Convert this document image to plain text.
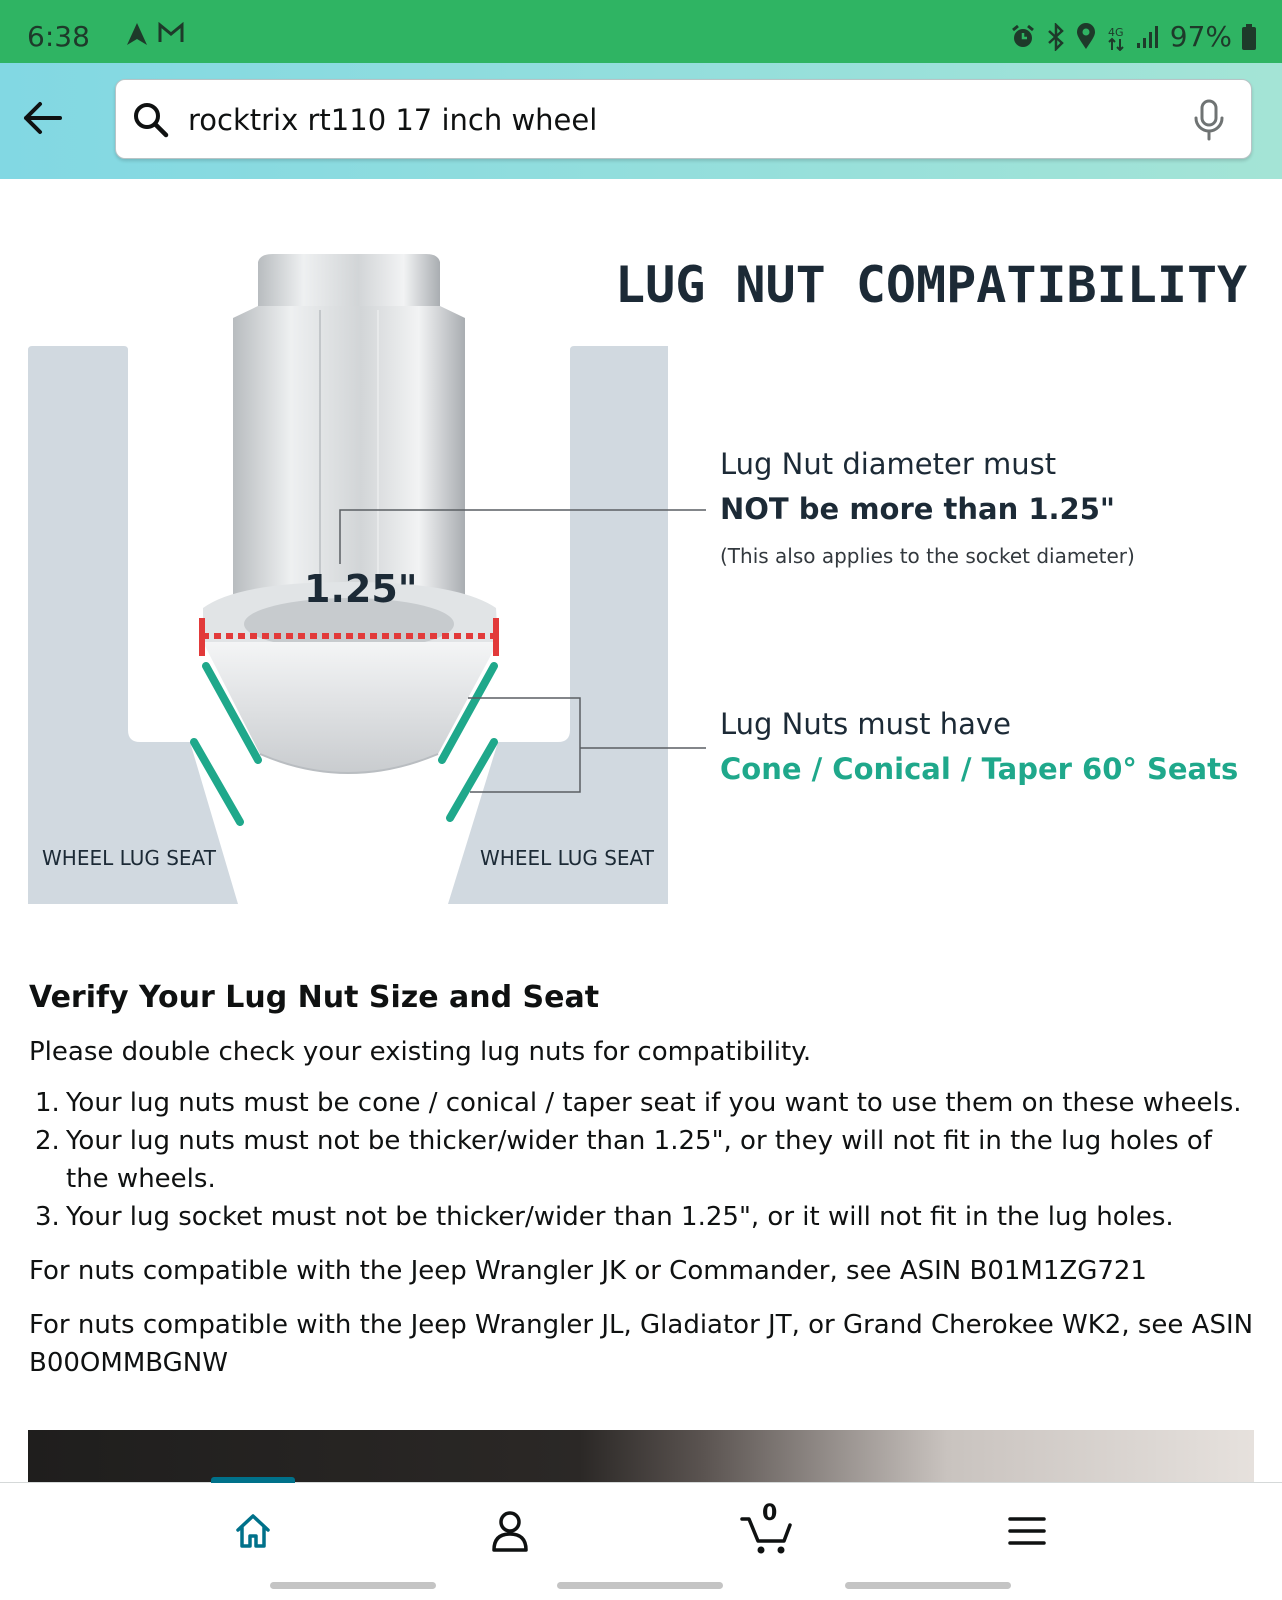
6:38	4G 97%
rocktrix rt110 17 inch wheel
LUG NUT COMPATIBILITY
1.25"
Lug Nut diameter must
NOT be more than 1.25"
(This also applies to the socket diameter)
Lug Nuts must have
Cone / Conical / Taper 60° Seats
WHEEL LUG SEAT	WHEEL LUG SEAT
Verify Your Lug Nut Size and Seat

Please double check your existing lug nuts for compatibility.

1. Your lug nuts must be cone / conical / taper seat if you want to use them on these wheels.
2. Your lug nuts must not be thicker/wider than 1.25", or they will not fit in the lug holes of the wheels.
3. Your lug socket must not be thicker/wider than 1.25", or it will not fit in the lug holes.

For nuts compatible with the Jeep Wrangler JK or Commander, see ASIN B01M1ZG721

For nuts compatible with the Jeep Wrangler JL, Gladiator JT, or Grand Cherokee WK2, see ASIN B00OMMBGNW

0
